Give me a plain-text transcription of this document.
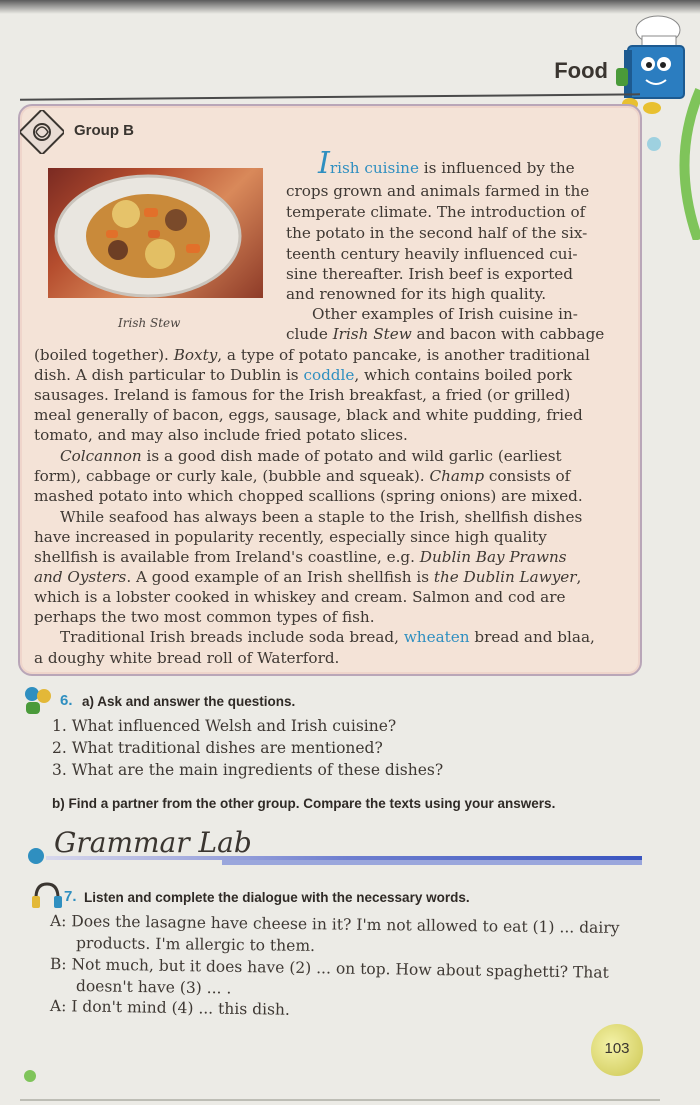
Food
Group B
Irish Stew
Irish cuisine is influenced by the
crops grown and animals farmed in the
temperate climate. The introduction of
the potato in the second half of the six-
teenth century heavily influenced cui-
sine thereafter. Irish beef is exported
and renowned for its high quality.
Other examples of Irish cuisine in-
clude Irish Stew and bacon with cabbage
(boiled together). Boxty, a type of potato pancake, is another traditional
dish. A dish particular to Dublin is coddle, which contains boiled pork
sausages. Ireland is famous for the Irish breakfast, a fried (or grilled)
meal generally of bacon, eggs, sausage, black and white pudding, fried
tomato, and may also include fried potato slices.
Colcannon is a good dish made of potato and wild garlic (earliest
form), cabbage or curly kale, (bubble and squeak). Champ consists of
mashed potato into which chopped scallions (spring onions) are mixed.
While seafood has always been a staple to the Irish, shellfish dishes
have increased in popularity recently, especially since high quality
shellfish is available from Ireland's coastline, e.g. Dublin Bay Prawns
and Oysters. A good example of an Irish shellfish is the Dublin Lawyer,
which is a lobster cooked in whiskey and cream. Salmon and cod are
perhaps the two most common types of fish.
Traditional Irish breads include soda bread, wheaten bread and blaa,
a doughy white bread roll of Waterford.
6. a) Ask and answer the questions.
1. What influenced Welsh and Irish cuisine?
2. What traditional dishes are mentioned?
3. What are the main ingredients of these dishes?
b) Find a partner from the other group. Compare the texts using your answers.
Grammar Lab
7. Listen and complete the dialogue with the necessary words.
A: Does the lasagne have cheese in it? I'm not allowed to eat (1) ... dairy
products. I'm allergic to them.
B: Not much, but it does have (2) ... on top. How about spaghetti? That
doesn't have (3) ... .
A: I don't mind (4) ... this dish.
103
